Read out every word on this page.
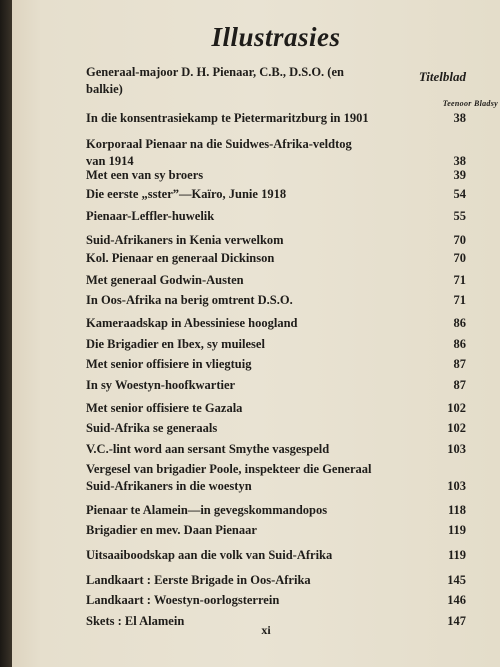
Illustrasies
Generaal-majoor D. H. Pienaar, C.B., D.S.O. (en
balkie)
Titelblad
Teenoor Bladsy
In die konsentrasiekamp te Pietermaritzburg in 1901	38
Korporaal Pienaar na die Suidwes-Afrika-veldtog
van 1914	38
Met een van sy broers	39
Die eerste „sster”—Kaïro, Junie 1918	54
Pienaar-Leffler-huwelik	55
Suid-Afrikaners in Kenia verwelkom	70
Kol. Pienaar en generaal Dickinson	70
Met generaal Godwin-Austen	71
In Oos-Afrika na berig omtrent D.S.O.	71
Kameraadskap in Abessiniese hoogland	86
Die Brigadier en Ibex, sy muilesel	86
Met senior offisiere in vliegtuig	87
In sy Woestyn-hoofkwartier	87
Met senior offisiere te Gazala	102
Suid-Afrika se generaals	102
V.C.-lint word aan sersant Smythe vasgespeld	103
Vergesel van brigadier Poole, inspekteer die Generaal
Suid-Afrikaners in die woestyn	103
Pienaar te Alamein—in gevegskommandopos	118
Brigadier en mev. Daan Pienaar	119
Uitsaaiboodskap aan die volk van Suid-Afrika	119
Landkaart : Eerste Brigade in Oos-Afrika	145
Landkaart : Woestyn-oorlogsterrein	146
Skets : El Alamein	147
xi
